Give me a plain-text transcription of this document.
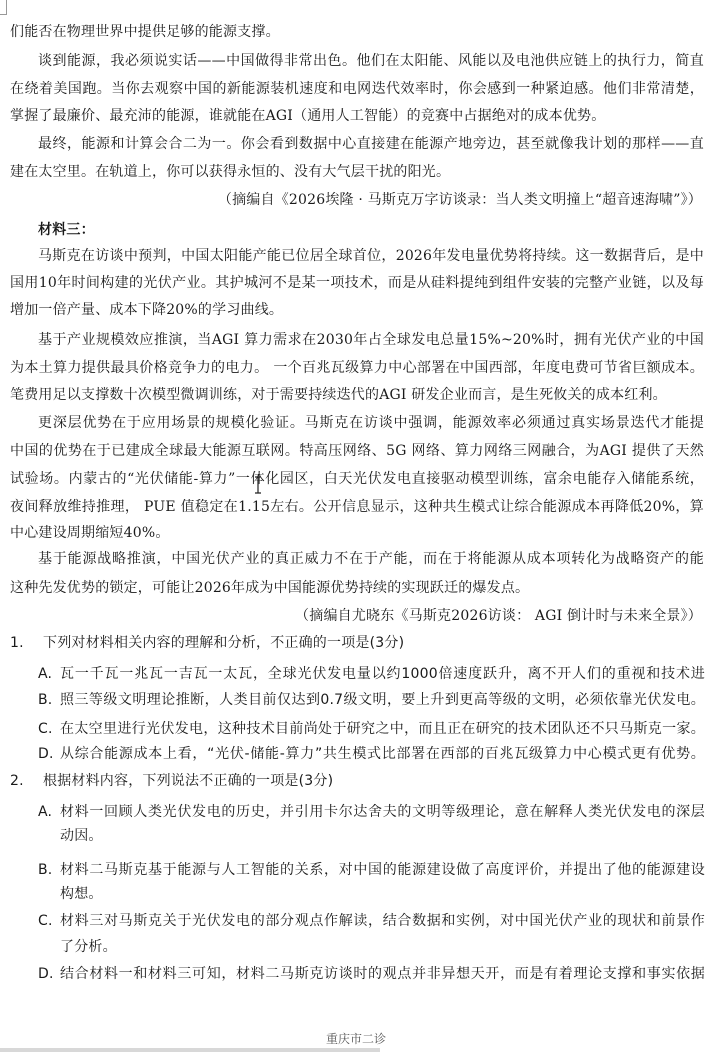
们能否在物理世界中提供足够的能源支撑。
谈到能源，我必须说实话——中国做得非常出色。他们在太阳能、风能以及电池供应链上的执行力，简直
在绕着美国跑。当你去观察中国的新能源装机速度和电网迭代效率时，你会感到一种紧迫感。他们非常清楚，
掌握了最廉价、最充沛的能源，谁就能在AGI（通用人工智能）的竞赛中占据绝对的成本优势。
最终，能源和计算会合二为一。你会看到数据中心直接建在能源产地旁边，甚至就像我计划的那样——直
建在太空里。在轨道上，你可以获得永恒的、没有大气层干扰的阳光。
（摘编自《2026埃隆 · 马斯克万字访谈录：当人类文明撞上“超音速海啸”》）
材料三：
马斯克在访谈中预判，中国太阳能产能已位居全球首位，2026年发电量优势将持续。这一数据背后，是中
国用10年时间构建的光伏产业。其护城河不是某一项技术，而是从硅料提纯到组件安装的完整产业链，以及每
增加一倍产量、成本下降20%的学习曲线。
基于产业规模效应推演，当AGI 算力需求在2030年占全球发电总量15%~20%时，拥有光伏产业的中国
为本土算力提供最具价格竞争力的电力。 一个百兆瓦级算力中心部署在中国西部，年度电费可节省巨额成本。
笔费用足以支撑数十次模型微调训练，对于需要持续迭代的AGI 研发企业而言，是生死攸关的成本红利。
更深层优势在于应用场景的规模化验证。马斯克在访谈中强调，能源效率必须通过真实场景迭代才能提
中国的优势在于已建成全球最大能源互联网。特高压网络、5G 网络、算力网络三网融合，为AGI 提供了天然
试验场。内蒙古的“光伏储能-算力”一体化园区，白天光伏发电直接驱动模型训练，富余电能存入储能系统，
夜间释放维持推理， PUE 值稳定在1.15左右。公开信息显示，这种共生模式让综合能源成本再降低20%，算
中心建设周期缩短40%。
基于能源战略推演，中国光伏产业的真正威力不在于产能，而在于将能源从成本项转化为战略资产的能
这种先发优势的锁定，可能让2026年成为中国能源优势持续的实现跃迁的爆发点。
（摘编自尤晓东《马斯克2026访谈： AGI 倒计时与未来全景》）
1. 下列对材料相关内容的理解和分析，不正确的一项是(3分)
A. 瓦一千瓦一兆瓦一吉瓦一太瓦，全球光伏发电量以约1000倍速度跃升，离不开人们的重视和技术进
B. 照三等级文明理论推断，人类目前仅达到0.7级文明，要上升到更高等级的文明，必须依靠光伏发电。
C. 在太空里进行光伏发电，这种技术目前尚处于研究之中，而且正在研究的技术团队还不只马斯克一家。
D. 从综合能源成本上看，“光伏-储能-算力”共生模式比部署在西部的百兆瓦级算力中心模式更有优势。
2. 根据材料内容，下列说法不正确的一项是(3分)
A. 材料一回顾人类光伏发电的历史，并引用卡尔达舍夫的文明等级理论，意在解释人类光伏发电的深层
动因。
B. 材料二马斯克基于能源与人工智能的关系，对中国的能源建设做了高度评价，并提出了他的能源建设
构想。
C. 材料三对马斯克关于光伏发电的部分观点作解读，结合数据和实例，对中国光伏产业的现状和前景作
了分析。
D. 结合材料一和材料三可知，材料二马斯克访谈时的观点并非异想天开，而是有着理论支撑和事实依据
重庆市二诊
